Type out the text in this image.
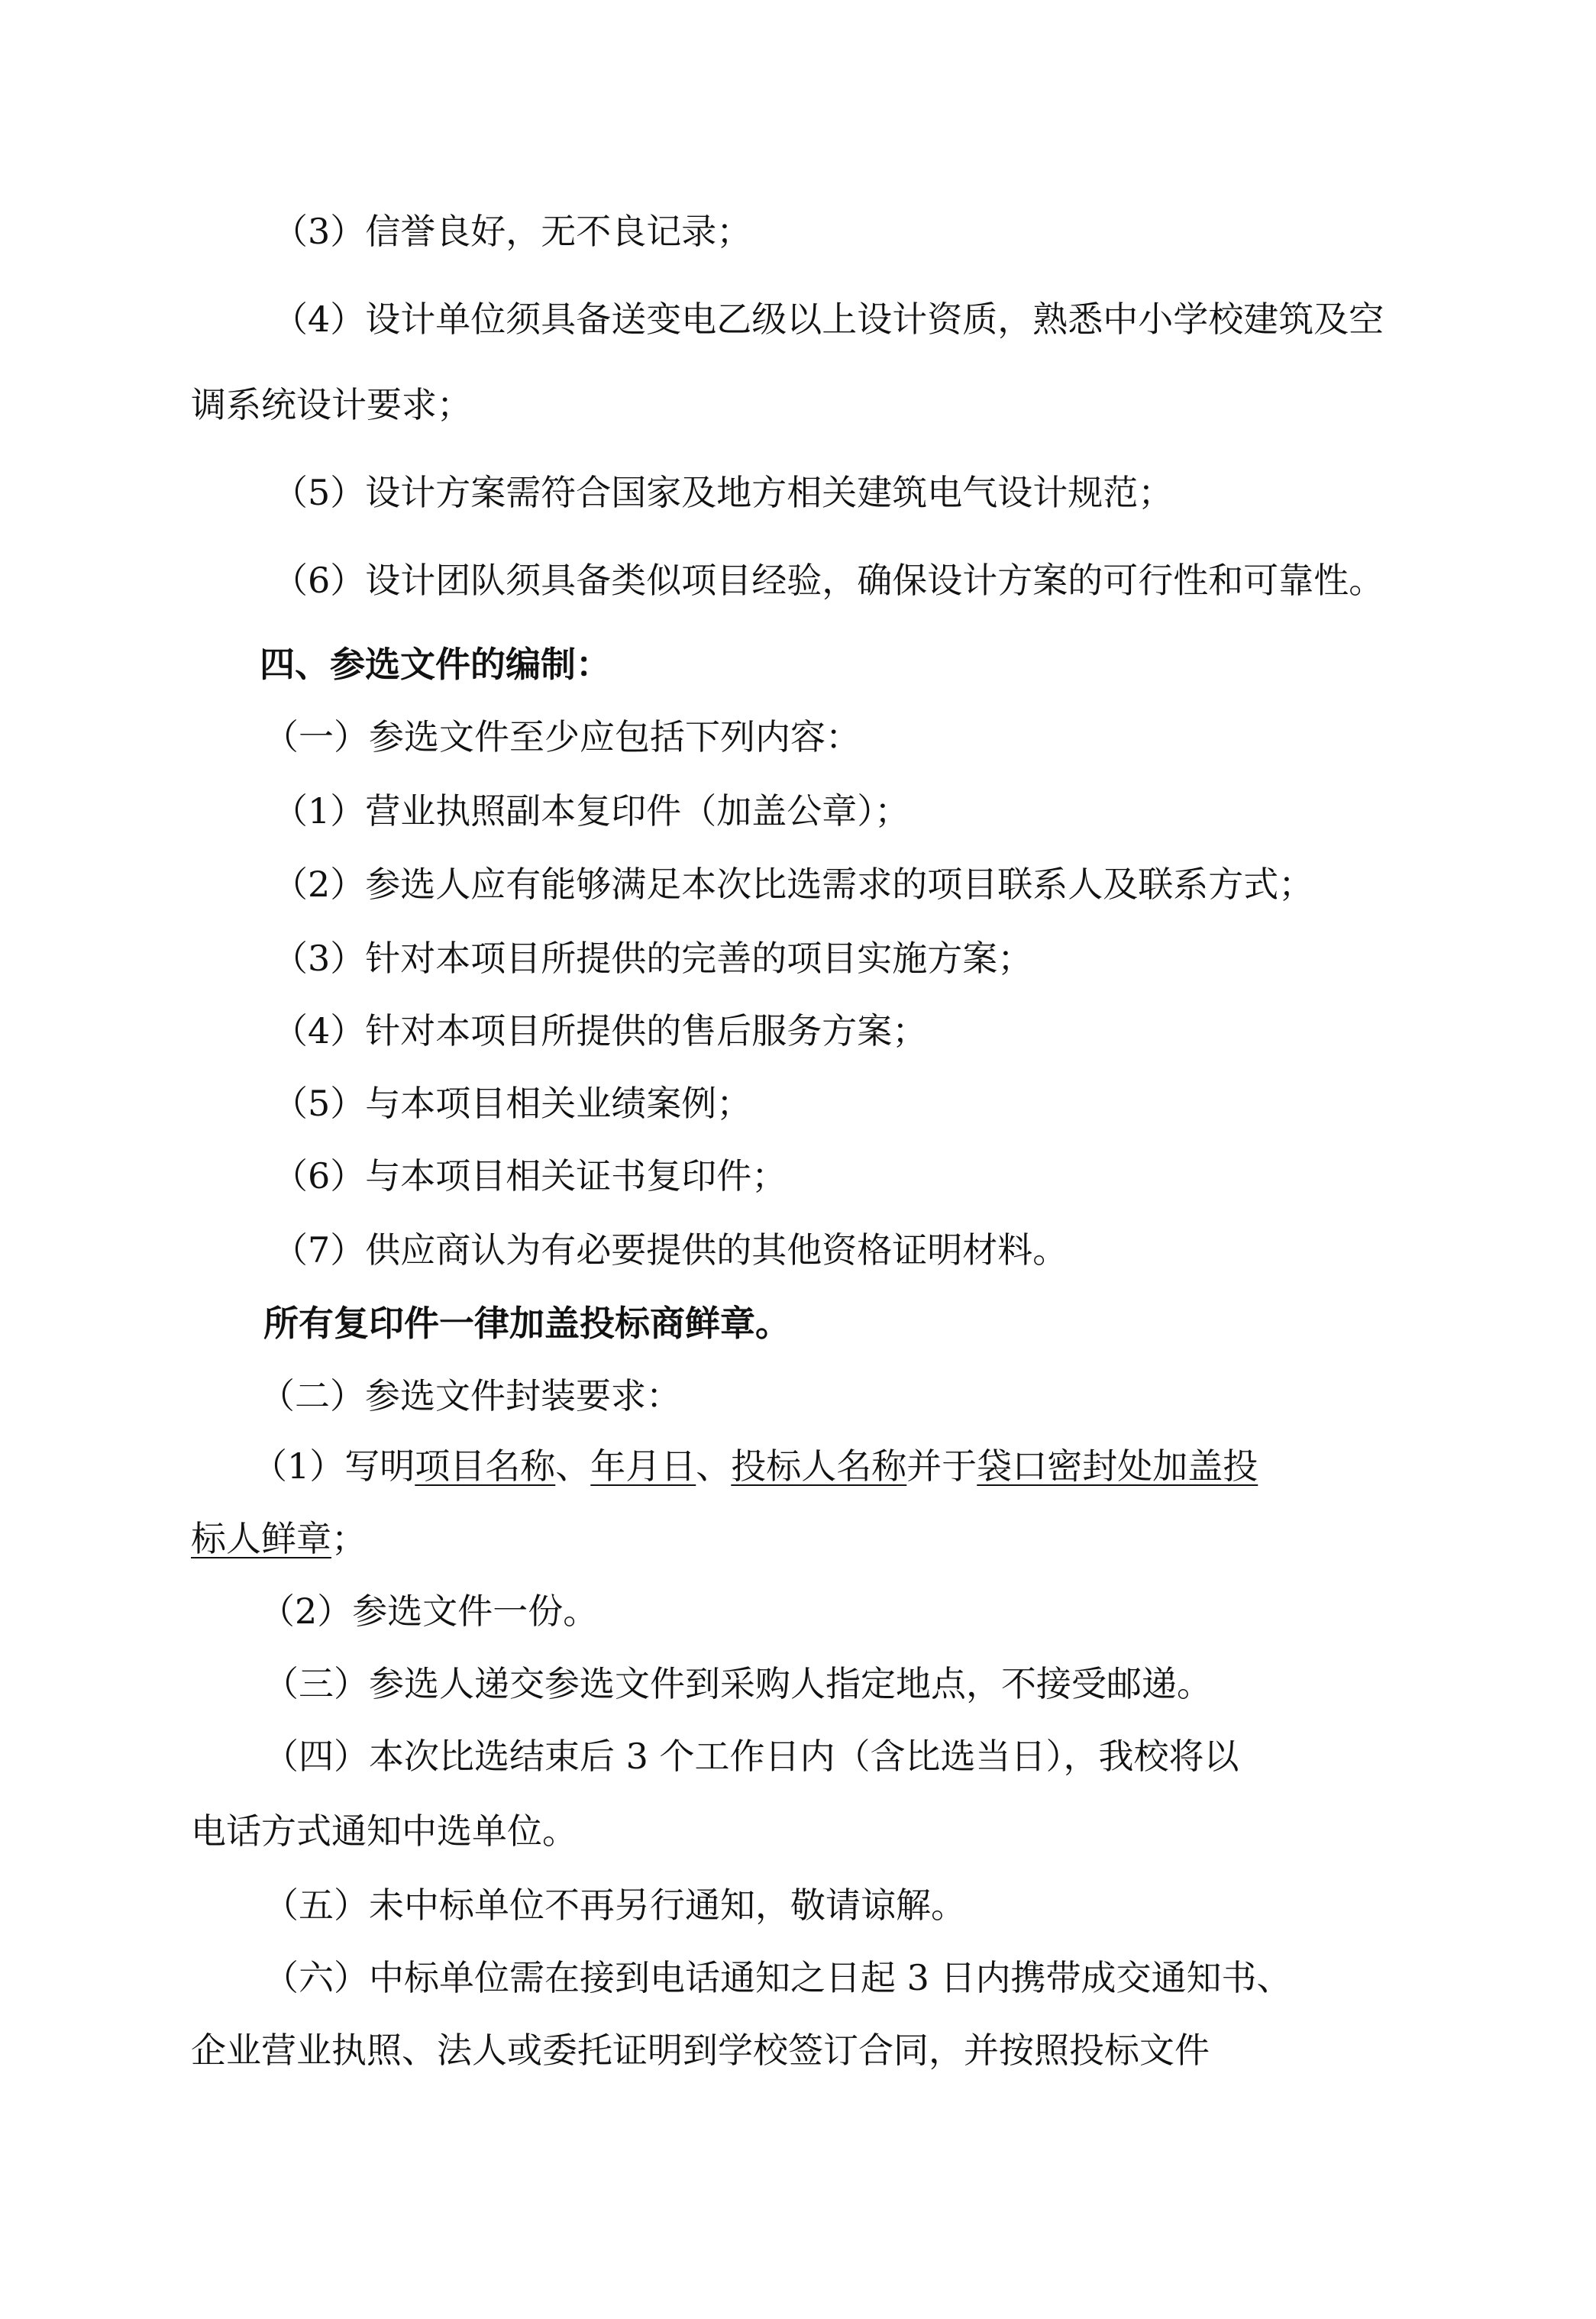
（3）信誉良好，无不良记录；
（4）设计单位须具备送变电乙级以上设计资质，熟悉中小学校建筑及空
调系统设计要求；
（5）设计方案需符合国家及地方相关建筑电气设计规范；
（6）设计团队须具备类似项目经验，确保设计方案的可行性和可靠性。
四、参选文件的编制：
（一）参选文件至少应包括下列内容：
（1）营业执照副本复印件（加盖公章）；
（2）参选人应有能够满足本次比选需求的项目联系人及联系方式；
（3）针对本项目所提供的完善的项目实施方案；
（4）针对本项目所提供的售后服务方案；
（5）与本项目相关业绩案例；
（6）与本项目相关证书复印件；
（7）供应商认为有必要提供的其他资格证明材料。
所有复印件一律加盖投标商鲜章。
（二）参选文件封装要求：
（1）写明项目名称、年月日、投标人名称并于袋口密封处加盖投
标人鲜章；
（2）参选文件一份。
（三）参选人递交参选文件到采购人指定地点，不接受邮递。
（四）本次比选结束后 3 个工作日内（含比选当日），我校将以
电话方式通知中选单位。
（五）未中标单位不再另行通知，敬请谅解。
（六）中标单位需在接到电话通知之日起 3 日内携带成交通知书、
企业营业执照、法人或委托证明到学校签订合同，并按照投标文件
